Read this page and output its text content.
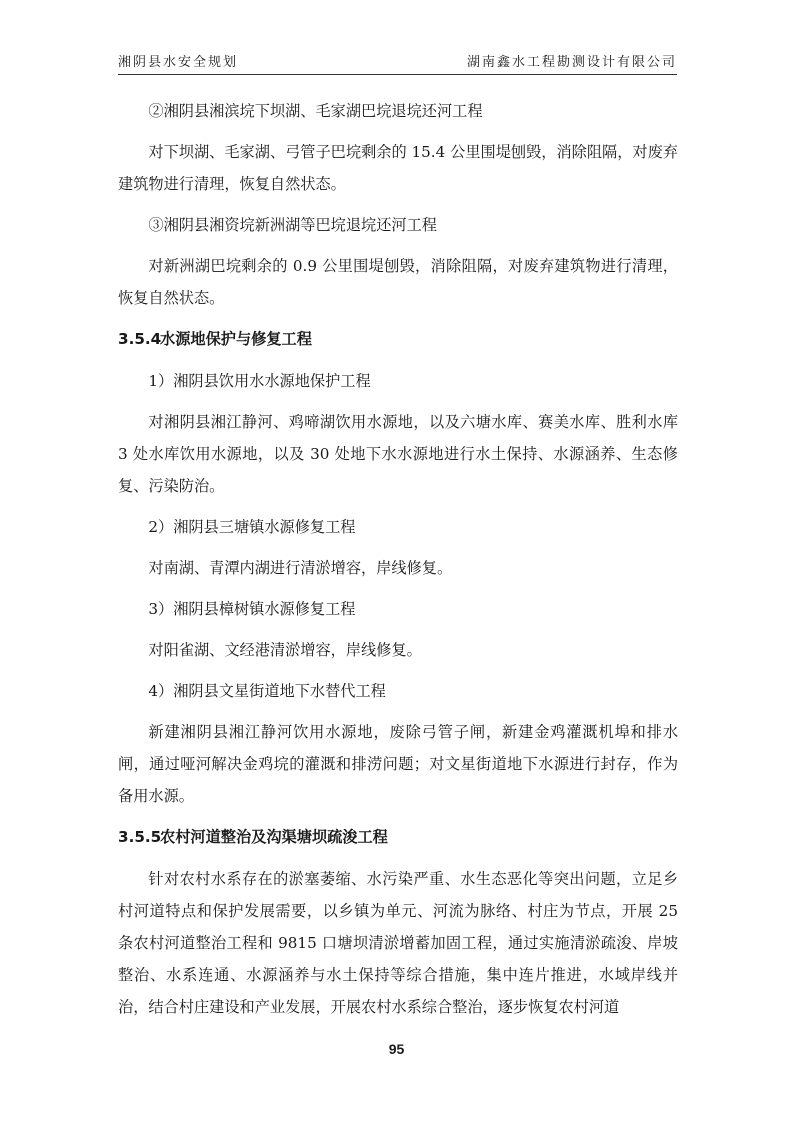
湘阴县水安全规划	湖南鑫水工程勘测设计有限公司

②湘阴县湘滨垸下坝湖、毛家湖巴垸退垸还河工程

对下坝湖、毛家湖、弓管子巴垸剩余的 15.4 公里围堤刨毁，消除阻隔，对废弃建筑物进行清理，恢复自然状态。

③湘阴县湘资垸新洲湖等巴垸退垸还河工程

对新洲湖巴垸剩余的 0.9 公里围堤刨毁，消除阻隔，对废弃建筑物进行清理，恢复自然状态。

3.5.4水源地保护与修复工程

1）湘阴县饮用水水源地保护工程

对湘阴县湘江静河、鸡啼湖饮用水源地，以及六塘水库、赛美水库、胜利水库 3 处水库饮用水源地，以及 30 处地下水水源地进行水土保持、水源涵养、生态修复、污染防治。

2）湘阴县三塘镇水源修复工程

对南湖、青潭内湖进行清淤增容，岸线修复。

3）湘阴县樟树镇水源修复工程

对阳雀湖、文经港清淤增容，岸线修复。

4）湘阴县文星街道地下水替代工程

新建湘阴县湘江静河饮用水源地，废除弓管子闸，新建金鸡灌溉机埠和排水闸，通过哑河解决金鸡垸的灌溉和排涝问题；对文星街道地下水源进行封存，作为备用水源。

3.5.5农村河道整治及沟渠塘坝疏浚工程

针对农村水系存在的淤塞萎缩、水污染严重、水生态恶化等突出问题，立足乡村河道特点和保护发展需要，以乡镇为单元、河流为脉络、村庄为节点，开展 25 条农村河道整治工程和 9815 口塘坝清淤增蓄加固工程，通过实施清淤疏浚、岸坡整治、水系连通、水源涵养与水土保持等综合措施，集中连片推进，水域岸线并治，结合村庄建设和产业发展，开展农村水系综合整治，逐步恢复农村河道

95
